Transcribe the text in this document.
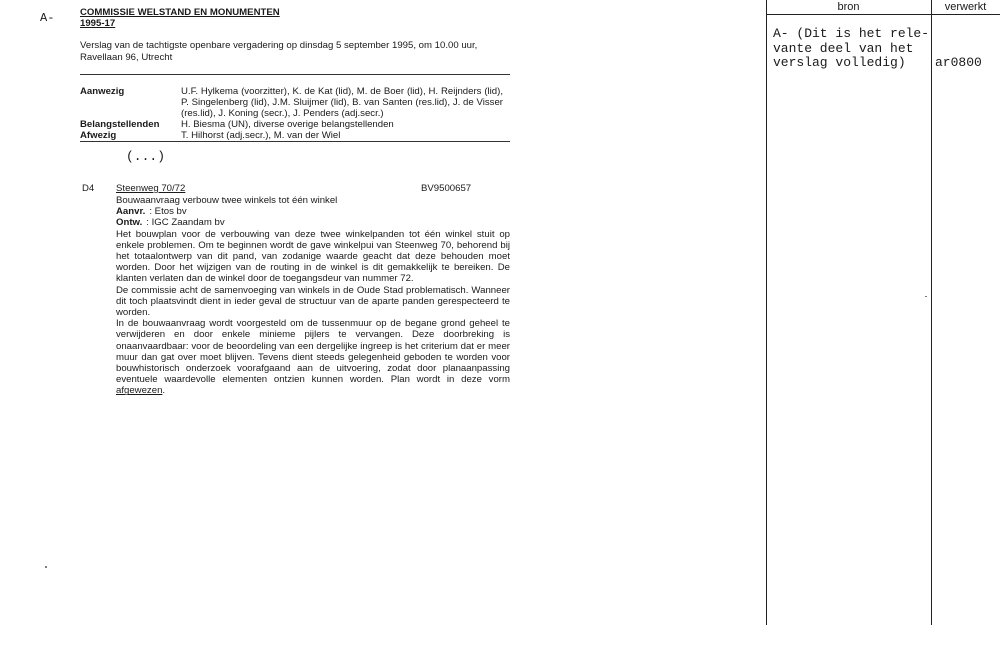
A-	COMMISSIE WELSTAND EN MONUMENTEN
1995-17
Verslag van de tachtigste openbare vergadering op dinsdag 5 september 1995, om 10.00 uur,
Ravellaan 96, Utrecht
Aanwezig	U.F. Hylkema (voorzitter), K. de Kat (lid), M. de Boer (lid), H. Reijnders (lid), P. Singelenberg (lid), J.M. Sluijmer (lid), B. van Santen (res.lid), J. de Visser (res.lid), J. Koning (secr.), J. Penders (adj.secr.)
Belangstellenden	H. Biesma (UN), diverse overige belangstellenden
Afwezig	T. Hilhorst (adj.secr.), M. van der Wiel
(...)
D4 Steenweg 70/72	BV9500657

Bouwaanvraag verbouw twee winkels tot één winkel

Aanvr. : Etos bv

Ontw. : IGC Zaandam bv

Het bouwplan voor de verbouwing van deze twee winkelpanden tot één winkel stuit op enkele problemen. Om te beginnen wordt de gave winkelpui van Steenweg 70, behorend bij het totaalontwerp van dit pand, van zodanige waarde geacht dat deze behouden moet worden. Door het wijzigen van de routing in de winkel is dit gemakkelijk te bereiken. De klanten verlaten dan de winkel door de toegangsdeur van nummer 72.

De commissie acht de samenvoeging van winkels in de Oude Stad problematisch. Wanneer dit toch plaatsvindt dient in ieder geval de structuur van de aparte panden gerespecteerd te worden.

In de bouwaanvraag wordt voorgesteld om de tussenmuur op de begane grond geheel te verwijderen en door enkele minieme pijlers te vervangen. Deze doorbreking is onaanvaardbaar: voor de beoordeling van een dergelijke ingreep is het criterium dat er meer muur dan gat over moet blijven. Tevens dient steeds gelegenheid geboden te worden voor bouwhistorisch onderzoek voorafgaand aan de uitvoering, zodat door planaanpassing eventuele waardevolle elementen ontzien kunnen worden. Plan wordt in deze vorm afgewezen.

bron	verwerkt
A- (Dit is het rele-
vante deel van het
verslag volledig)	ar0800
